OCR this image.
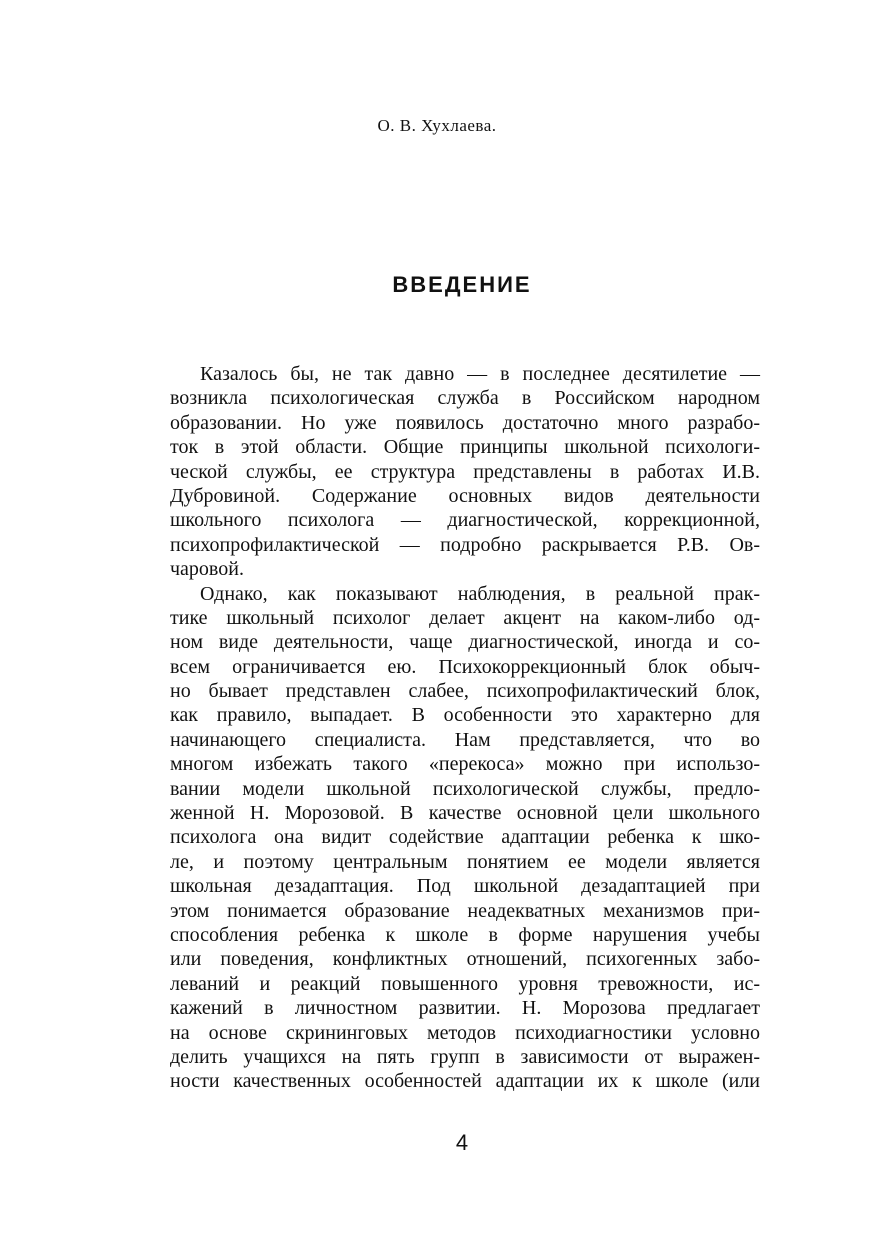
О. В. Хухлаева.
ВВЕДЕНИЕ
Казалось бы, не так давно — в последнее десятилетие —
возникла психологическая служба в Российском народном
образовании. Но уже появилось достаточно много разрабо-
ток в этой области. Общие принципы школьной психологи-
ческой службы, ее структура представлены в работах И.В.
Дубровиной. Содержание основных видов деятельности
школьного психолога — диагностической, коррекционной,
психопрофилактической — подробно раскрывается Р.В. Ов-
чаровой.
Однако, как показывают наблюдения, в реальной прак-
тике школьный психолог делает акцент на каком-либо од-
ном виде деятельности, чаще диагностической, иногда и со-
всем ограничивается ею. Психокоррекционный блок обыч-
но бывает представлен слабее, психопрофилактический блок,
как правило, выпадает. В особенности это характерно для
начинающего специалиста. Нам представляется, что во
многом избежать такого «перекоса» можно при использо-
вании модели школьной психологической службы, предло-
женной Н. Морозовой. В качестве основной цели школьного
психолога она видит содействие адаптации ребенка к шко-
ле, и поэтому центральным понятием ее модели является
школьная дезадаптация. Под школьной дезадаптацией при
этом понимается образование неадекватных механизмов при-
способления ребенка к школе в форме нарушения учебы
или поведения, конфликтных отношений, психогенных забо-
леваний и реакций повышенного уровня тревожности, ис-
кажений в личностном развитии. Н. Морозова предлагает
на основе скрининговых методов психодиагностики условно
делить учащихся на пять групп в зависимости от выражен-
ности качественных особенностей адаптации их к школе (или
4
